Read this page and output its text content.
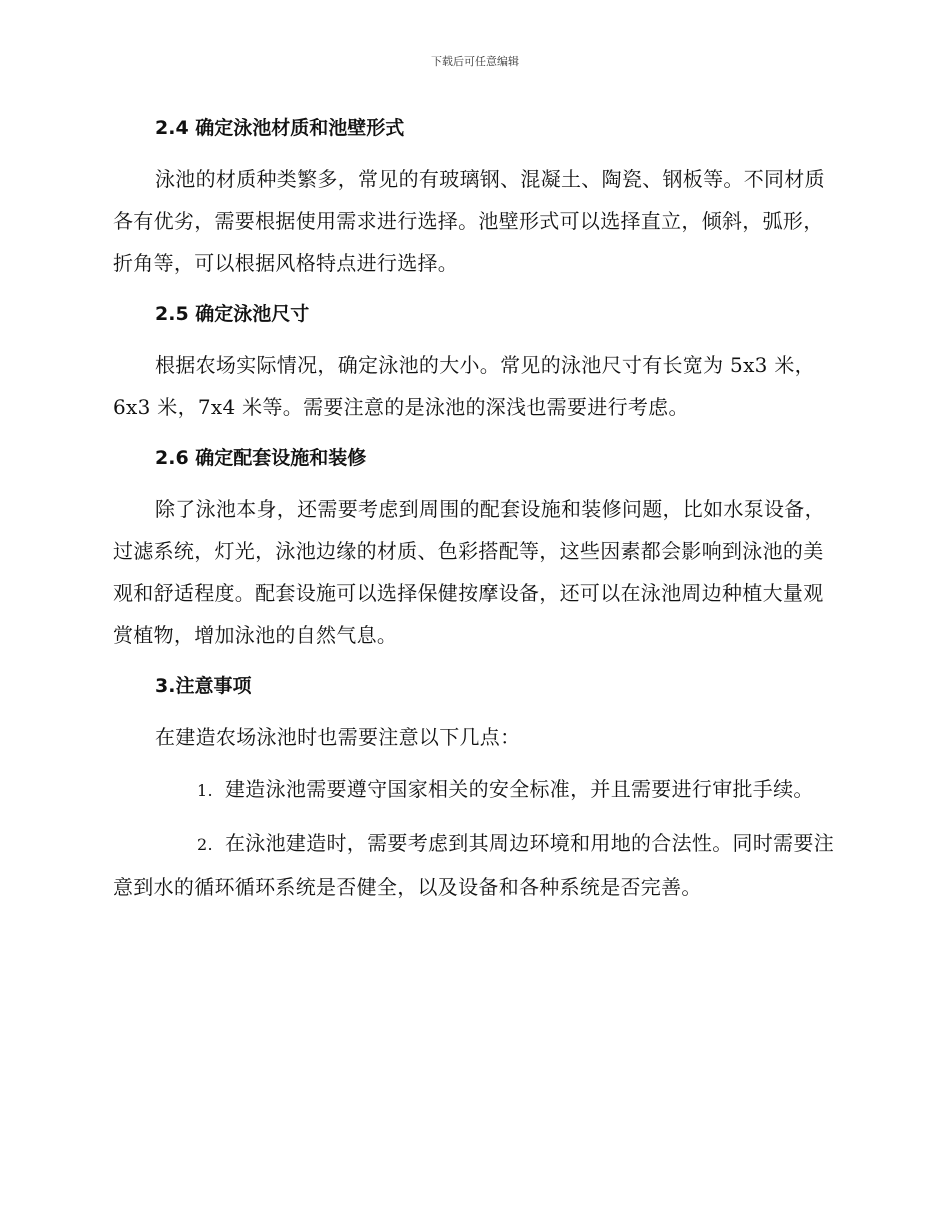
下载后可任意编辑
2.4 确定泳池材质和池壁形式

泳池的材质种类繁多，常见的有玻璃钢、混凝土、陶瓷、钢板等。不同材质各有优劣，需要根据使用需求进行选择。池壁形式可以选择直立，倾斜，弧形，折角等，可以根据风格特点进行选择。

2.5 确定泳池尺寸

根据农场实际情况，确定泳池的大小。常见的泳池尺寸有长宽为 5x3 米，6x3 米，7x4 米等。需要注意的是泳池的深浅也需要进行考虑。

2.6 确定配套设施和装修

除了泳池本身，还需要考虑到周围的配套设施和装修问题，比如水泵设备，过滤系统，灯光，泳池边缘的材质、色彩搭配等，这些因素都会影响到泳池的美观和舒适程度。配套设施可以选择保健按摩设备，还可以在泳池周边种植大量观赏植物，增加泳池的自然气息。

3.注意事项

在建造农场泳池时也需要注意以下几点：

1. 建造泳池需要遵守国家相关的安全标准，并且需要进行审批手续。

2. 在泳池建造时，需要考虑到其周边环境和用地的合法性。同时需要注意到水的循环循环系统是否健全，以及设备和各种系统是否完善。
